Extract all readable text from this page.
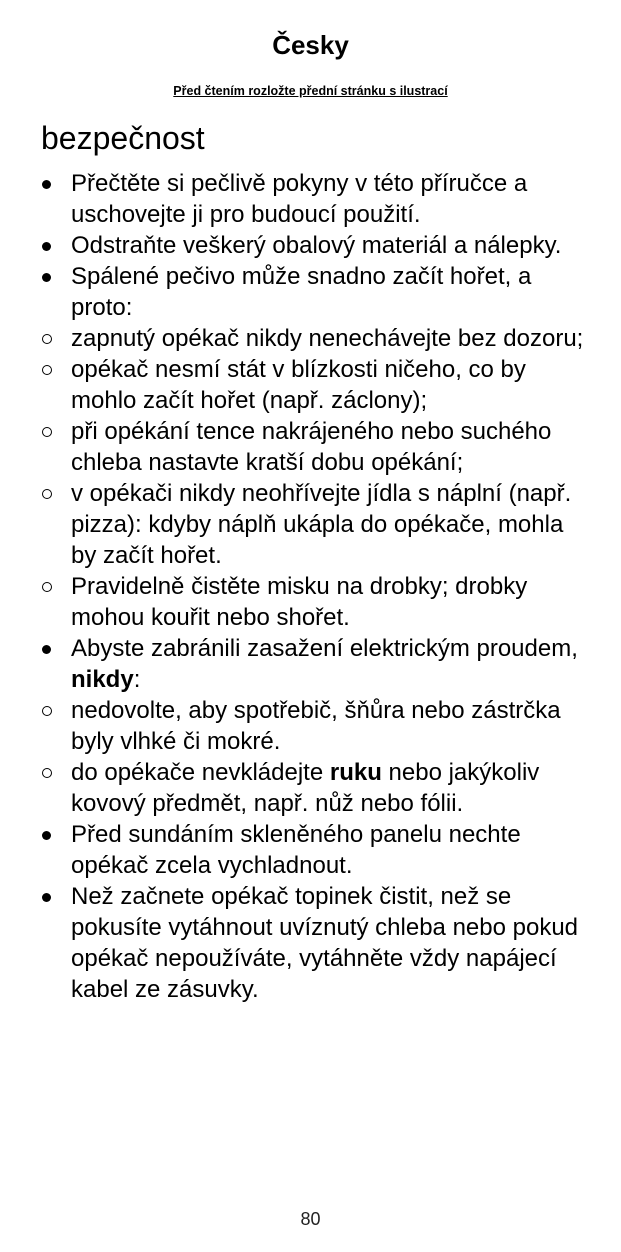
Česky
Před čtením rozložte přední stránku s ilustrací
bezpečnost
Přečtěte si pečlivě pokyny v této příručce a uschovejte ji pro budoucí použití.
Odstraňte veškerý obalový materiál a nálepky.
Spálené pečivo může snadno začít hořet, a proto:
zapnutý opékač nikdy nenechávejte bez dozoru;
opékač nesmí stát v blízkosti ničeho, co by mohlo začít hořet (např. záclony);
při opékání tence nakrájeného nebo suchého chleba nastavte kratší dobu opékání;
v opékači nikdy neohřívejte jídla s náplní (např. pizza): kdyby náplň ukápla do opékače, mohla by začít hořet.
Pravidelně čistěte misku na drobky; drobky mohou kouřit nebo shořet.
Abyste zabránili zasažení elektrickým proudem, nikdy:
nedovolte, aby spotřebič, šňůra nebo zástrčka byly vlhké či mokré.
do opékače nevkládejte ruku nebo jakýkoliv kovový předmět, např. nůž nebo fólii.
Před sundáním skleněného panelu nechte opékač zcela vychladnout.
Než začnete opékač topinek čistit, než se pokusíte vytáhnout uvíznutý chleba nebo pokud opékač nepoužíváte, vytáhněte vždy napájecí kabel ze zásuvky.
80
